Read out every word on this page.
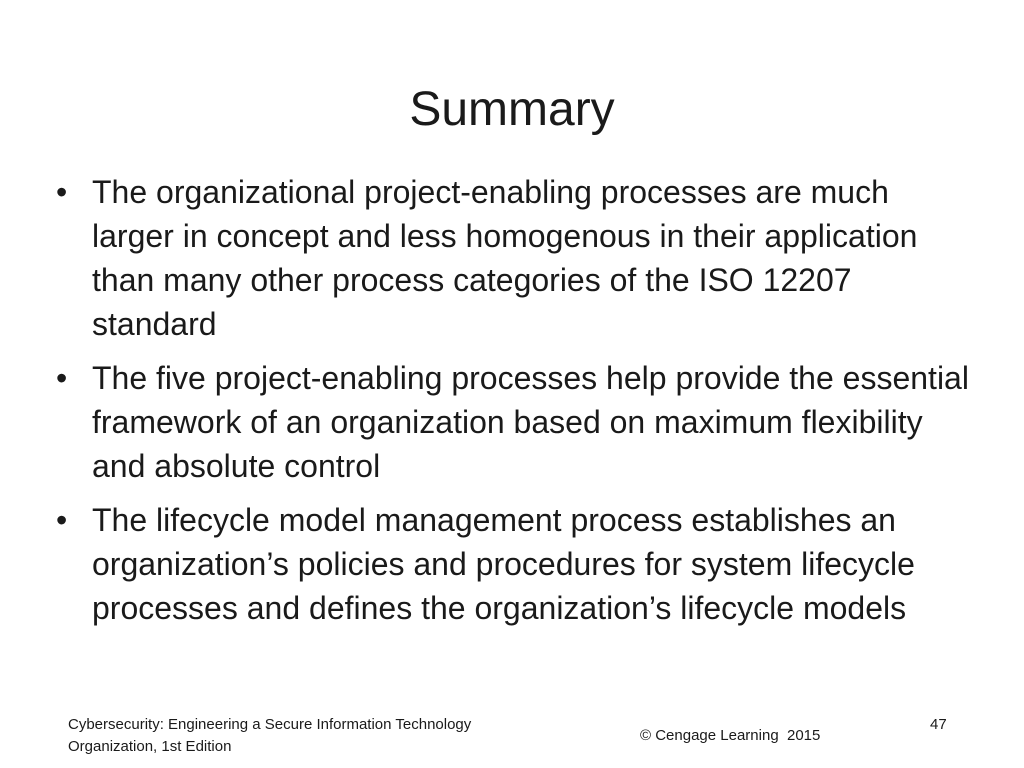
Summary
• The organizational project-enabling processes are much larger in concept and less homogenous in their application than many other process categories of the ISO 12207 standard
• The five project-enabling processes help provide the essential framework of an organization based on maximum flexibility and absolute control
• The lifecycle model management process establishes an organization’s policies and procedures for system lifecycle processes and defines the organization’s lifecycle models
Cybersecurity: Engineering a Secure Information Technology
Organization, 1st Edition
© Cengage Learning  2015
47
